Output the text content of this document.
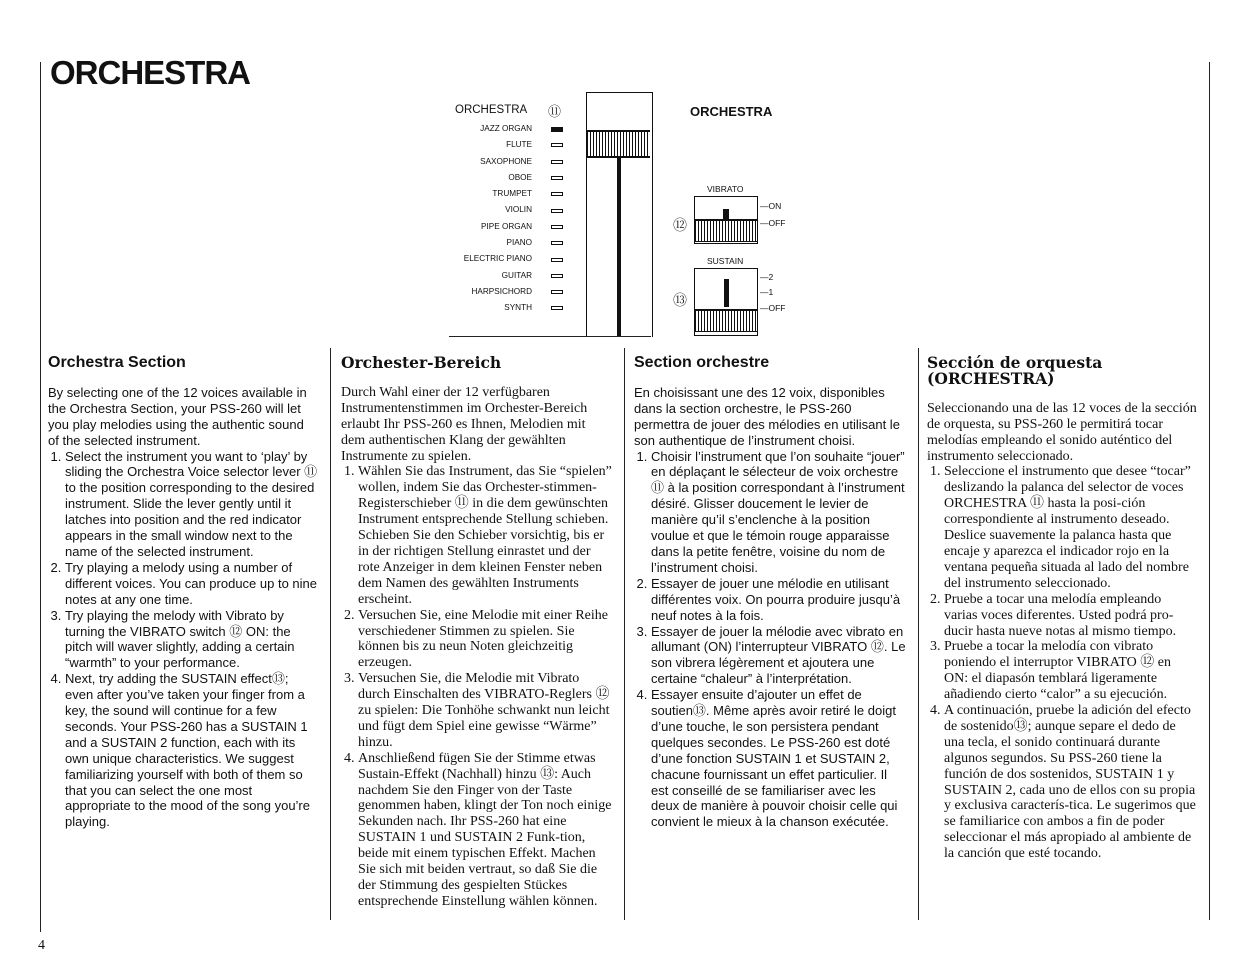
ORCHESTRA
ORCHESTRA ⑪
JAZZ ORGAN
FLUTE
SAXOPHONE
OBOE
TRUMPET
VIOLIN
PIPE ORGAN
PIANO
ELECTRIC PIANO
GUITAR
HARPSICHORD
SYNTH
ORCHESTRA
VIBRATO
⑫
—ON
—OFF
SUSTAIN
⑬
—2
—1
—OFF
Orchestra Section

By selecting one of the 12 voices available in the Orchestra Section, your PSS-260 will let you play melodies using the authentic sound of the selected instrument.

1. Select the instrument you want to ‘play’ by sliding the Orchestra Voice selector lever ⑪ to the position corresponding to the desired instrument. Slide the lever gently until it latches into position and the red indicator appears in the small window next to the name of the selected instrument.
2. Try playing a melody using a number of different voices. You can produce up to nine notes at any one time.
3. Try playing the melody with Vibrato by turning the VIBRATO switch ⑫ ON: the pitch will waver slightly, adding a certain “warmth” to your performance.
4. Next, try adding the SUSTAIN effect⑬; even after you’ve taken your finger from a key, the sound will continue for a few seconds. Your PSS-260 has a SUSTAIN 1 and a SUSTAIN 2 function, each with its own unique characteristics. We suggest familiarizing yourself with both of them so that you can select the one most appropriate to the mood of the song you’re playing.
Orchester-Bereich

Durch Wahl einer der 12 verfügbaren Instrumentenstimmen im Orchester-Bereich erlaubt Ihr PSS-260 es Ihnen, Melodien mit dem authentischen Klang der gewählten Instrumente zu spielen.

1. Wählen Sie das Instrument, das Sie “spielen” wollen, indem Sie das Orchester-stimmen-Registerschieber ⑪ in die dem gewünschten Instrument entsprechende Stellung schieben. Schieben Sie den Schieber vorsichtig, bis er in der richtigen Stellung einrastet und der rote Anzeiger in dem kleinen Fenster neben dem Namen des gewählten Instruments erscheint.
2. Versuchen Sie, eine Melodie mit einer Reihe verschiedener Stimmen zu spielen. Sie können bis zu neun Noten gleichzeitig erzeugen.
3. Versuchen Sie, die Melodie mit Vibrato durch Einschalten des VIBRATO-Reglers ⑫ zu spielen: Die Tonhöhe schwankt nun leicht und fügt dem Spiel eine gewisse “Wärme” hinzu.
4. Anschließend fügen Sie der Stimme etwas Sustain-Effekt (Nachhall) hinzu ⑬: Auch nachdem Sie den Finger von der Taste genommen haben, klingt der Ton noch einige Sekunden nach. Ihr PSS-260 hat eine SUSTAIN 1 und SUSTAIN 2 Funk-tion, beide mit einem typischen Effekt. Machen Sie sich mit beiden vertraut, so daß Sie die der Stimmung des gespielten Stückes entsprechende Einstellung wählen können.
Section orchestre

En choisissant une des 12 voix, disponibles dans la section orchestre, le PSS-260 permettra de jouer des mélodies en utilisant le son authentique de l’instrument choisi.

1. Choisir l’instrument que l’on souhaite “jouer” en déplaçant le sélecteur de voix orchestre ⑪ à la position correspondant à l’instrument désiré. Glisser doucement le levier de manière qu’il s’enclenche à la position voulue et que le témoin rouge apparaisse dans la petite fenêtre, voisine du nom de l’instrument choisi.
2. Essayer de jouer une mélodie en utilisant différentes voix. On pourra produire jusqu’à neuf notes à la fois.
3. Essayer de jouer la mélodie avec vibrato en allumant (ON) l’interrupteur VIBRATO ⑫. Le son vibrera légèrement et ajoutera une certaine “chaleur” à l’interprétation.
4. Essayer ensuite d’ajouter un effet de soutien⑬. Même après avoir retiré le doigt d’une touche, le son persistera pendant quelques secondes. Le PSS-260 est doté d’une fonction SUSTAIN 1 et SUSTAIN 2, chacune fournissant un effet particulier. Il est conseillé de se familiariser avec les deux de manière à pouvoir choisir celle qui convient le mieux à la chanson exécutée.
Sección de orquesta (ORCHESTRA)

Seleccionando una de las 12 voces de la sección de orquesta, su PSS-260 le permitirá tocar melodías empleando el sonido auténtico del instrumento seleccionado.

1. Seleccione el instrumento que desee “tocar” deslizando la palanca del selector de voces ORCHESTRA ⑪ hasta la posi-ción correspondiente al instrumento deseado. Deslice suavemente la palanca hasta que encaje y aparezca el indicador rojo en la ventana pequeña situada al lado del nombre del instrumento seleccionado.
2. Pruebe a tocar una melodía empleando varias voces diferentes. Usted podrá pro-ducir hasta nueve notas al mismo tiempo.
3. Pruebe a tocar la melodía con vibrato poniendo el interruptor VIBRATO ⑫ en ON: el diapasón temblará ligeramente añadiendo cierto “calor” a su ejecución.
4. A continuación, pruebe la adición del efecto de sostenido⑬; aunque separe el dedo de una tecla, el sonido continuará durante algunos segundos. Su PSS-260 tiene la función de dos sostenidos, SUSTAIN 1 y SUSTAIN 2, cada uno de ellos con su propia y exclusiva caracterís-tica. Le sugerimos que se familiarice con ambos a fin de poder seleccionar el más apropiado al ambiente de la canción que esté tocando.
4
